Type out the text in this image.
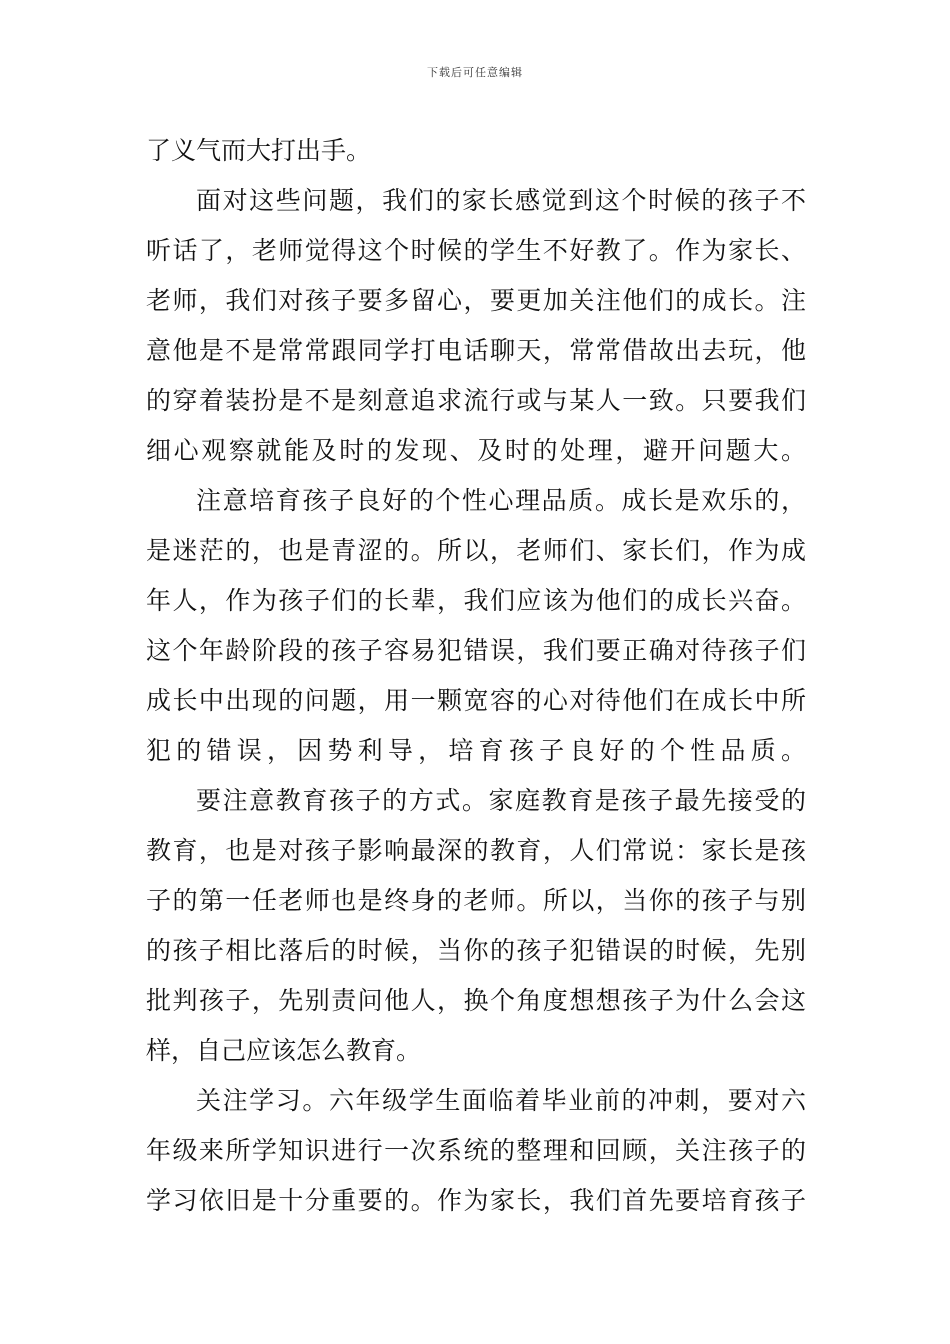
下载后可任意编辑
了义气而大打出手。
面对这些问题，我们的家长感觉到这个时候的孩子不
听话了，老师觉得这个时候的学生不好教了。作为家长、
老师，我们对孩子要多留心，要更加关注他们的成长。注
意他是不是常常跟同学打电话聊天，常常借故出去玩，他
的穿着装扮是不是刻意追求流行或与某人一致。只要我们
细心观察就能及时的发现、及时的处理，避开问题大。
注意培育孩子良好的个性心理品质。成长是欢乐的，
是迷茫的，也是青涩的。所以，老师们、家长们，作为成
年人，作为孩子们的长辈，我们应该为他们的成长兴奋。
这个年龄阶段的孩子容易犯错误，我们要正确对待孩子们
成长中出现的问题，用一颗宽容的心对待他们在成长中所
犯的错误，因势利导，培育孩子良好的个性品质。
要注意教育孩子的方式。家庭教育是孩子最先接受的
教育，也是对孩子影响最深的教育，人们常说：家长是孩
子的第一任老师也是终身的老师。所以，当你的孩子与别
的孩子相比落后的时候，当你的孩子犯错误的时候，先别
批判孩子，先别责问他人，换个角度想想孩子为什么会这
样，自己应该怎么教育。
关注学习。六年级学生面临着毕业前的冲刺，要对六
年级来所学知识进行一次系统的整理和回顾，关注孩子的
学习依旧是十分重要的。作为家长，我们首先要培育孩子
